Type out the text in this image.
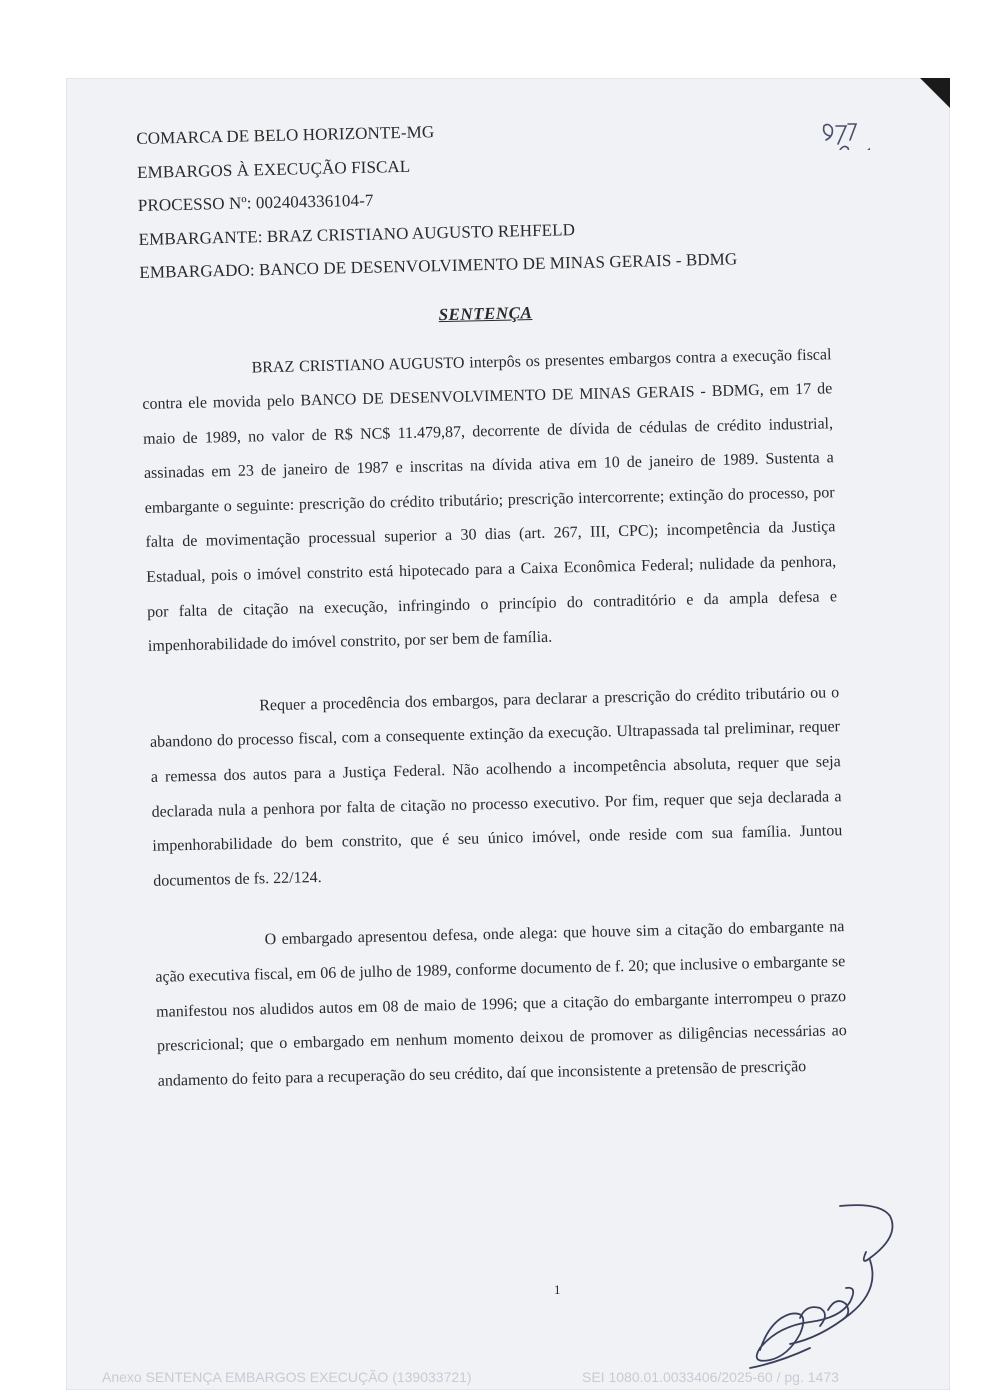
COMARCA DE BELO HORIZONTE-MG
EMBARGOS À EXECUÇÃO FISCAL
PROCESSO Nº: 002404336104-7
EMBARGANTE: BRAZ CRISTIANO AUGUSTO REHFELD
EMBARGADO: BANCO DE DESENVOLVIMENTO DE MINAS GERAIS - BDMG
SENTENÇA

BRAZ CRISTIANO AUGUSTO interpôs os presentes embargos contra a execução fiscal contra ele movida pelo BANCO DE DESENVOLVIMENTO DE MINAS GERAIS - BDMG, em 17 de maio de 1989, no valor de R$ NC$ 11.479,87, decorrente de dívida de cédulas de crédito industrial, assinadas em 23 de janeiro de 1987 e inscritas na dívida ativa em 10 de janeiro de 1989. Sustenta a embargante o seguinte: prescrição do crédito tributário; prescrição intercorrente; extinção do processo, por falta de movimentação processual superior a 30 dias (art. 267, III, CPC); incompetência da Justiça Estadual, pois o imóvel constrito está hipotecado para a Caixa Econômica Federal; nulidade da penhora, por falta de citação na execução, infringindo o princípio do contraditório e da ampla defesa e impenhorabilidade do imóvel constrito, por ser bem de família.

Requer a procedência dos embargos, para declarar a prescrição do crédito tributário ou o abandono do processo fiscal, com a consequente extinção da execução. Ultrapassada tal preliminar, requer a remessa dos autos para a Justiça Federal. Não acolhendo a incompetência absoluta, requer que seja declarada nula a penhora por falta de citação no processo executivo. Por fim, requer que seja declarada a impenhorabilidade do bem constrito, que é seu único imóvel, onde reside com sua família. Juntou documentos de fs. 22/124.

O embargado apresentou defesa, onde alega: que houve sim a citação do embargante na ação executiva fiscal, em 06 de julho de 1989, conforme documento de f. 20; que inclusive o embargante se manifestou nos aludidos autos em 08 de maio de 1996; que a citação do embargante interrompeu o prazo prescricional; que o embargado em nenhum momento deixou de promover as diligências necessárias ao andamento do feito para a recuperação do seu crédito, daí que inconsistente a pretensão de prescrição

1
Anexo SENTENÇA EMBARGOS EXECUÇÃO (139033721)	SEI 1080.01.0033406/2025-60 / pg. 1473
